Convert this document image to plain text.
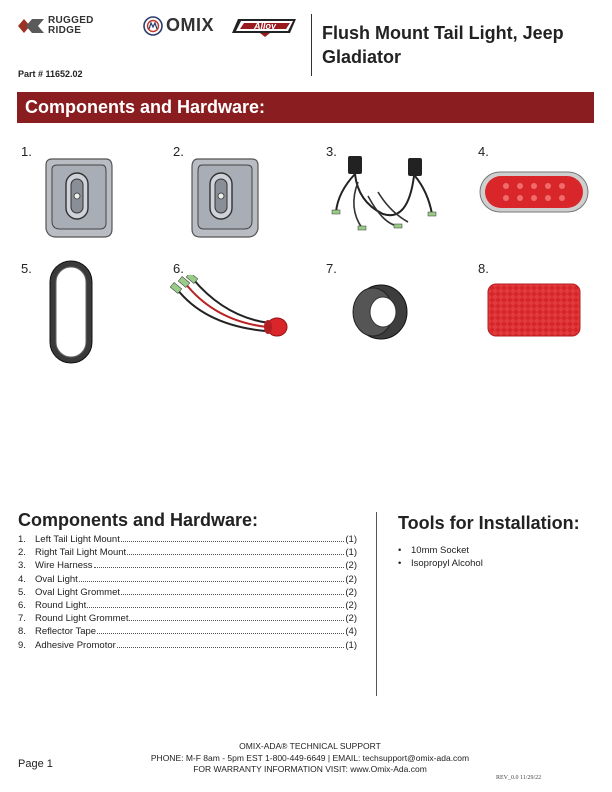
RUGGED RIDGE	OMIX	Alloy	Flush Mount Tail Light, Jeep Gladiator
Part # 11652.02
Components and Hardware:
1.	2.	3.	4.
5.	6.	7.	8.
Components and Hardware:
1. Left Tail Light Mount	(1)
2. Right Tail Light Mount	(1)
3. Wire Harness	(2)
4. Oval Light	(2)
5. Oval Light Grommet	(2)
6. Round Light	(2)
7. Round Light Grommet	(2)
8. Reflector Tape	(4)
9. Adhesive Promotor	(1)
Tools for Installation:
•	10mm Socket
•	Isopropyl Alcohol
OMIX-ADA® TECHNICAL SUPPORT
PHONE: M-F 8am - 5pm EST 1-800-449-6649 | EMAIL: techsupport@omix-ada.com
FOR WARRANTY INFORMATION VISIT: www.Omix-Ada.com
Page 1
REV_0.0 11/29/22
